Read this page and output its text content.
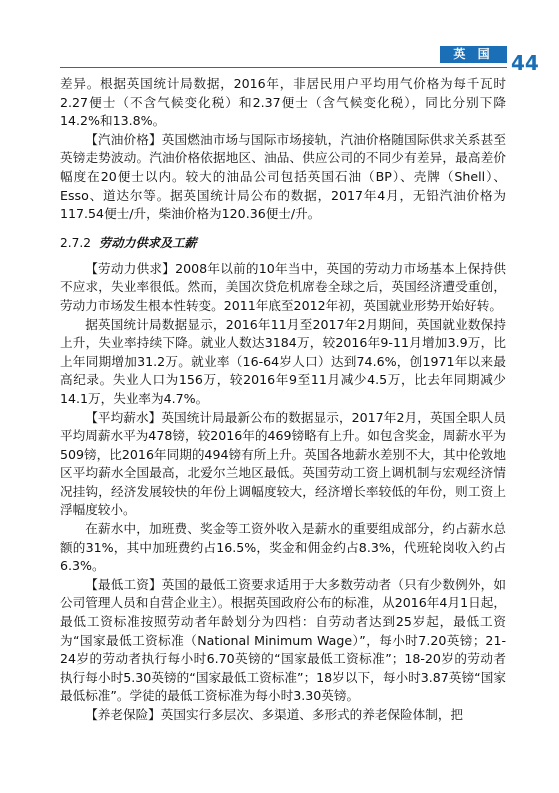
英 国 44

差异。根据英国统计局数据，2016年，非居民用户平均用气价格为每千瓦时2.27便士（不含气候变化税）和2.37便士（含气候变化税），同比分别下降14.2%和13.8%。

【汽油价格】英国燃油市场与国际市场接轨，汽油价格随国际供求关系甚至英镑走势波动。汽油价格依据地区、油品、供应公司的不同少有差异，最高差价幅度在20便士以内。较大的油品公司包括英国石油（BP）、壳牌（Shell）、Esso、道达尔等。据英国统计局公布的数据，2017年4月，无铅汽油价格为117.54便士/升，柴油价格为120.36便士/升。

2.7.2 劳动力供求及工薪

【劳动力供求】2008年以前的10年当中，英国的劳动力市场基本上保持供不应求，失业率很低。然而，美国次贷危机席卷全球之后，英国经济遭受重创，劳动力市场发生根本性转变。2011年底至2012年初，英国就业形势开始好转。

据英国统计局数据显示，2016年11月至2017年2月期间，英国就业数保持上升，失业率持续下降。就业人数达3184万，较2016年9-11月增加3.9万，比上年同期增加31.2万。就业率（16-64岁人口）达到74.6%，创1971年以来最高纪录。失业人口为156万，较2016年9至11月减少4.5万，比去年同期减少14.1万，失业率为4.7%。

【平均薪水】英国统计局最新公布的数据显示，2017年2月，英国全职人员平均周薪水平为478镑，较2016年的469镑略有上升。如包含奖金，周薪水平为509镑，比2016年同期的494镑有所上升。英国各地薪水差别不大，其中伦敦地区平均薪水全国最高，北爱尔兰地区最低。英国劳动工资上调机制与宏观经济情况挂钩，经济发展较快的年份上调幅度较大，经济增长率较低的年份，则工资上浮幅度较小。

在薪水中，加班费、奖金等工资外收入是薪水的重要组成部分，约占薪水总额的31%，其中加班费约占16.5%，奖金和佣金约占8.3%，代班轮岗收入约占6.3%。

【最低工资】英国的最低工资要求适用于大多数劳动者（只有少数例外，如公司管理人员和自营企业主）。根据英国政府公布的标准，从2016年4月1日起，最低工资标准按照劳动者年龄划分为四档：自劳动者达到25岁起，最低工资为“国家最低工资标准（National Minimum Wage）”，每小时7.20英镑；21-24岁的劳动者执行每小时6.70英镑的“国家最低工资标准”；18-20岁的劳动者执行每小时5.30英镑的“国家最低工资标准”；18岁以下，每小时3.87英镑“国家最低标准”。学徒的最低工资标准为每小时3.30英镑。

【养老保险】英国实行多层次、多渠道、多形式的养老保险体制，把
